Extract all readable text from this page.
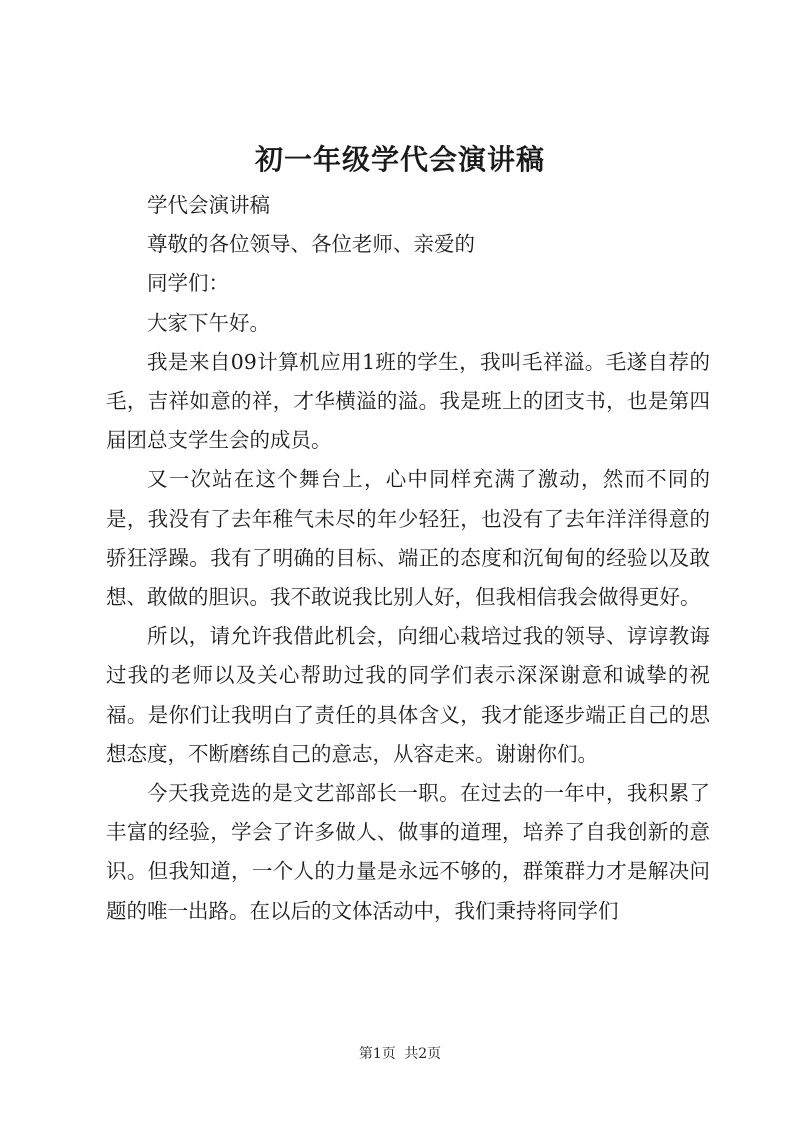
初一年级学代会演讲稿

学代会演讲稿

尊敬的各位领导、各位老师、亲爱的

同学们：

大家下午好。

我是来自09计算机应用1班的学生，我叫毛祥溢。毛遂自荐的毛，吉祥如意的祥，才华横溢的溢。我是班上的团支书，也是第四届团总支学生会的成员。

又一次站在这个舞台上，心中同样充满了激动，然而不同的是，我没有了去年稚气未尽的年少轻狂，也没有了去年洋洋得意的骄狂浮躁。我有了明确的目标、端正的态度和沉甸甸的经验以及敢想、敢做的胆识。我不敢说我比别人好，但我相信我会做得更好。

所以，请允许我借此机会，向细心栽培过我的领导、谆谆教诲过我的老师以及关心帮助过我的同学们表示深深谢意和诚挚的祝福。是你们让我明白了责任的具体含义，我才能逐步端正自己的思想态度，不断磨练自己的意志，从容走来。谢谢你们。

今天我竞选的是文艺部部长一职。在过去的一年中，我积累了丰富的经验，学会了许多做人、做事的道理，培养了自我创新的意识。但我知道，一个人的力量是永远不够的，群策群力才是解决问题的唯一出路。在以后的文体活动中，我们秉持将同学们

第1页 共2页
